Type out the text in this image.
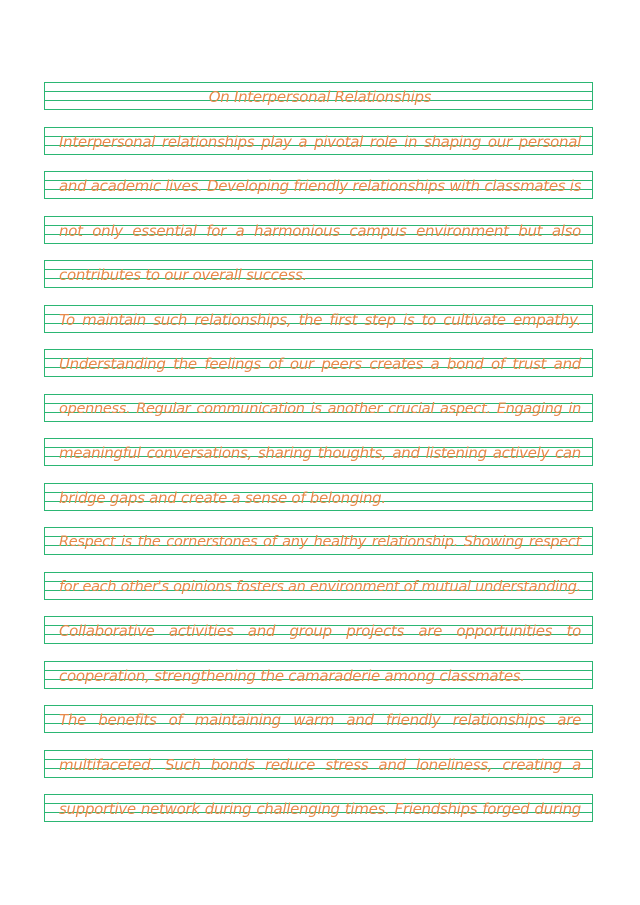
On Interpersonal Relationships
Interpersonal relationships play a pivotal role in shaping our personal
and academic lives. Developing friendly relationships with classmates is
not only essential for a harmonious campus environment but also
contributes to our overall success.
To maintain such relationships, the first step is to cultivate empathy.
Understanding the feelings of our peers creates a bond of trust and
openness. Regular communication is another crucial aspect. Engaging in
meaningful conversations, sharing thoughts, and listening actively can
bridge gaps and create a sense of belonging.
Respect is the cornerstones of any healthy relationship. Showing respect
for each other's opinions fosters an environment of mutual understanding.
Collaborative activities and group projects are opportunities to
cooperation, strengthening the camaraderie among classmates.
The benefits of maintaining warm and friendly relationships are
multifaceted. Such bonds reduce stress and loneliness, creating a
supportive network during challenging times. Friendships forged during
